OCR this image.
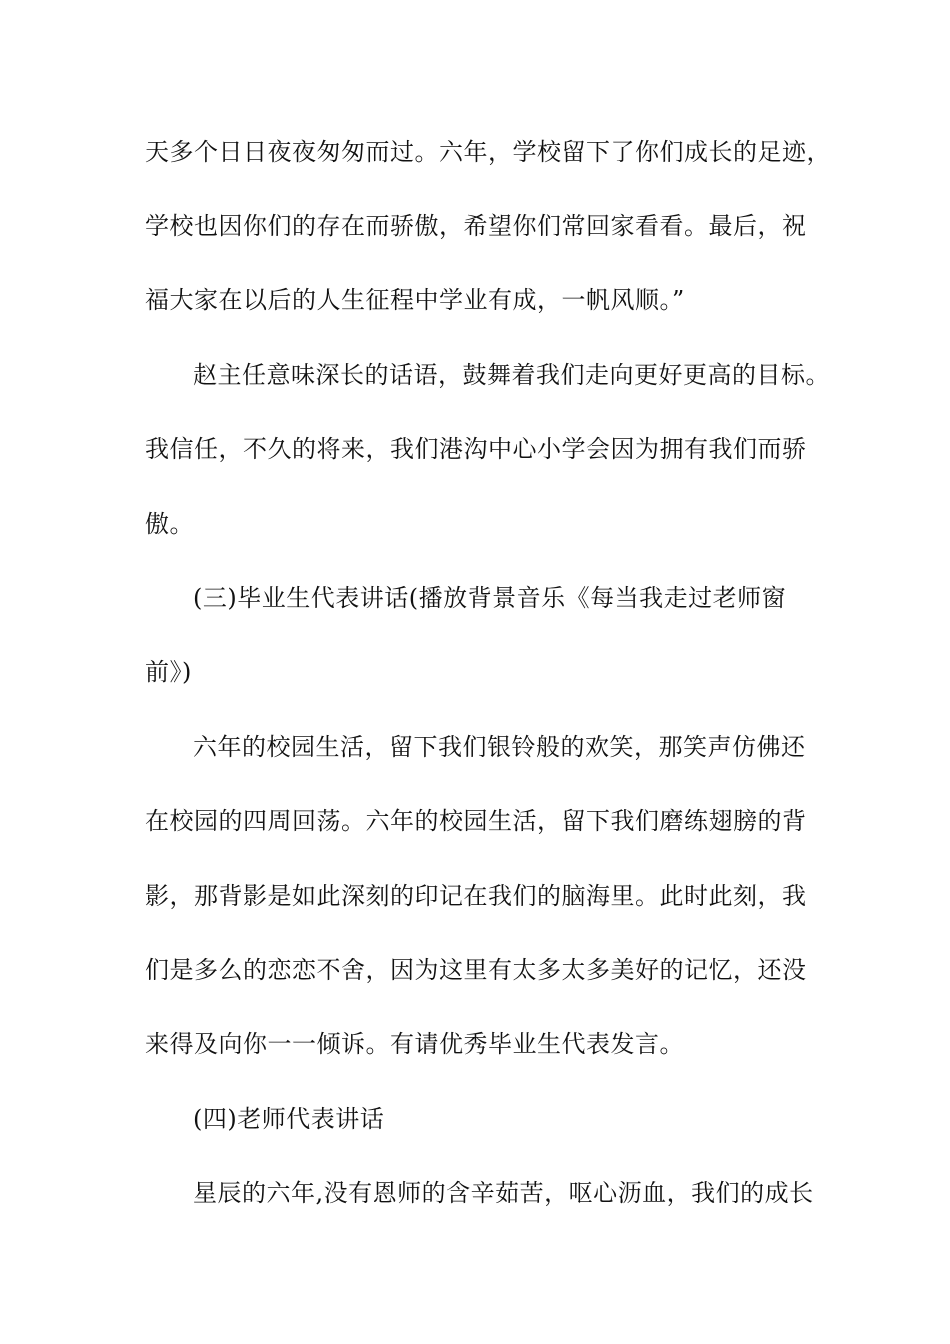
天多个日日夜夜匆匆而过。六年，学校留下了你们成长的足迹，
学校也因你们的存在而骄傲，希望你们常回家看看。最后，祝
福大家在以后的人生征程中学业有成，一帆风顺。”
赵主任意味深长的话语，鼓舞着我们走向更好更高的目标。
我信任，不久的将来，我们港沟中心小学会因为拥有我们而骄
傲。
(三)毕业生代表讲话(播放背景音乐《每当我走过老师窗
前》)
六年的校园生活，留下我们银铃般的欢笑，那笑声仿佛还
在校园的四周回荡。六年的校园生活，留下我们磨练翅膀的背
影，那背影是如此深刻的印记在我们的脑海里。此时此刻，我
们是多么的恋恋不舍，因为这里有太多太多美好的记忆，还没
来得及向你一一倾诉。有请优秀毕业生代表发言。
(四)老师代表讲话
星辰的六年,没有恩师的含辛茹苦，呕心沥血，我们的成长
